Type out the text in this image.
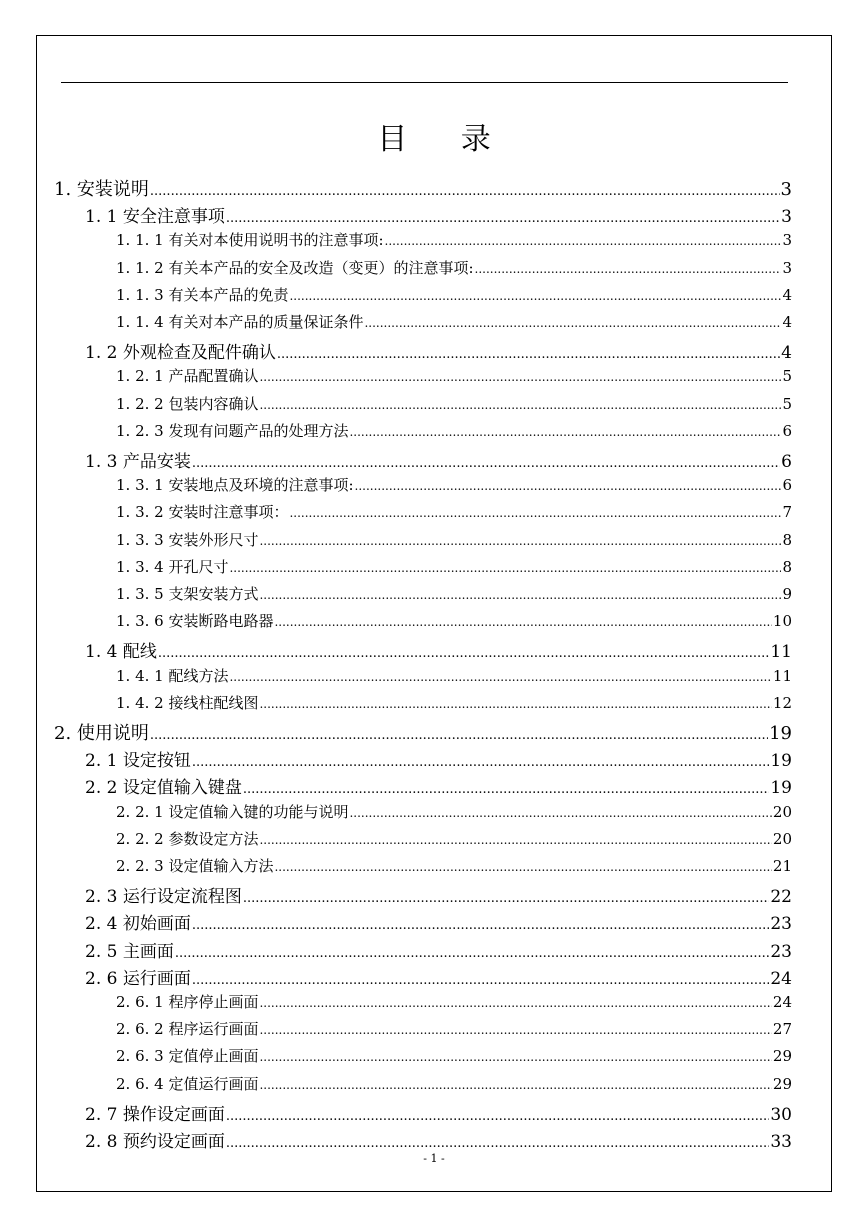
目 录
1. 安装说明 .....	3
1. 1 安全注意事项 .....	3
1. 1. 1 有关对本使用说明书的注意事项: .....	3
1. 1. 2 有关本产品的安全及改造（变更）的注意事项: .....	3
1. 1. 3 有关本产品的免责 .....	4
1. 1. 4 有关对本产品的质量保证条件 .....	4
1. 2 外观检查及配件确认 .....	4
1. 2. 1 产品配置确认 .....	5
1. 2. 2 包装内容确认 .....	5
1. 2. 3 发现有问题产品的处理方法 .....	6
1. 3 产品安装 .....	6
1. 3. 1 安装地点及环境的注意事项: .....	6
1. 3. 2 安装时注意事项： .....	7
1. 3. 3 安装外形尺寸 .....	8
1. 3. 4 开孔尺寸 .....	8
1. 3. 5 支架安装方式 .....	9
1. 3. 6 安装断路电路器 .....	10
1. 4 配线 .....	11
1. 4. 1 配线方法 .....	11
1. 4. 2 接线柱配线图 .....	12
2. 使用说明 .....	19
2. 1 设定按钮 .....	19
2. 2 设定值输入键盘 .....	19
2. 2. 1 设定值输入键的功能与说明 .....	20
2. 2. 2 参数设定方法 .....	20
2. 2. 3 设定值输入方法 .....	21
2. 3 运行设定流程图 .....	22
2. 4 初始画面 .....	23
2. 5 主画面 .....	23
2. 6 运行画面 .....	24
2. 6. 1 程序停止画面 .....	24
2. 6. 2 程序运行画面 .....	27
2. 6. 3 定值停止画面 .....	29
2. 6. 4 定值运行画面 .....	29
2. 7 操作设定画面 .....	30
2. 8 预约设定画面 .....	33
- 1 -
